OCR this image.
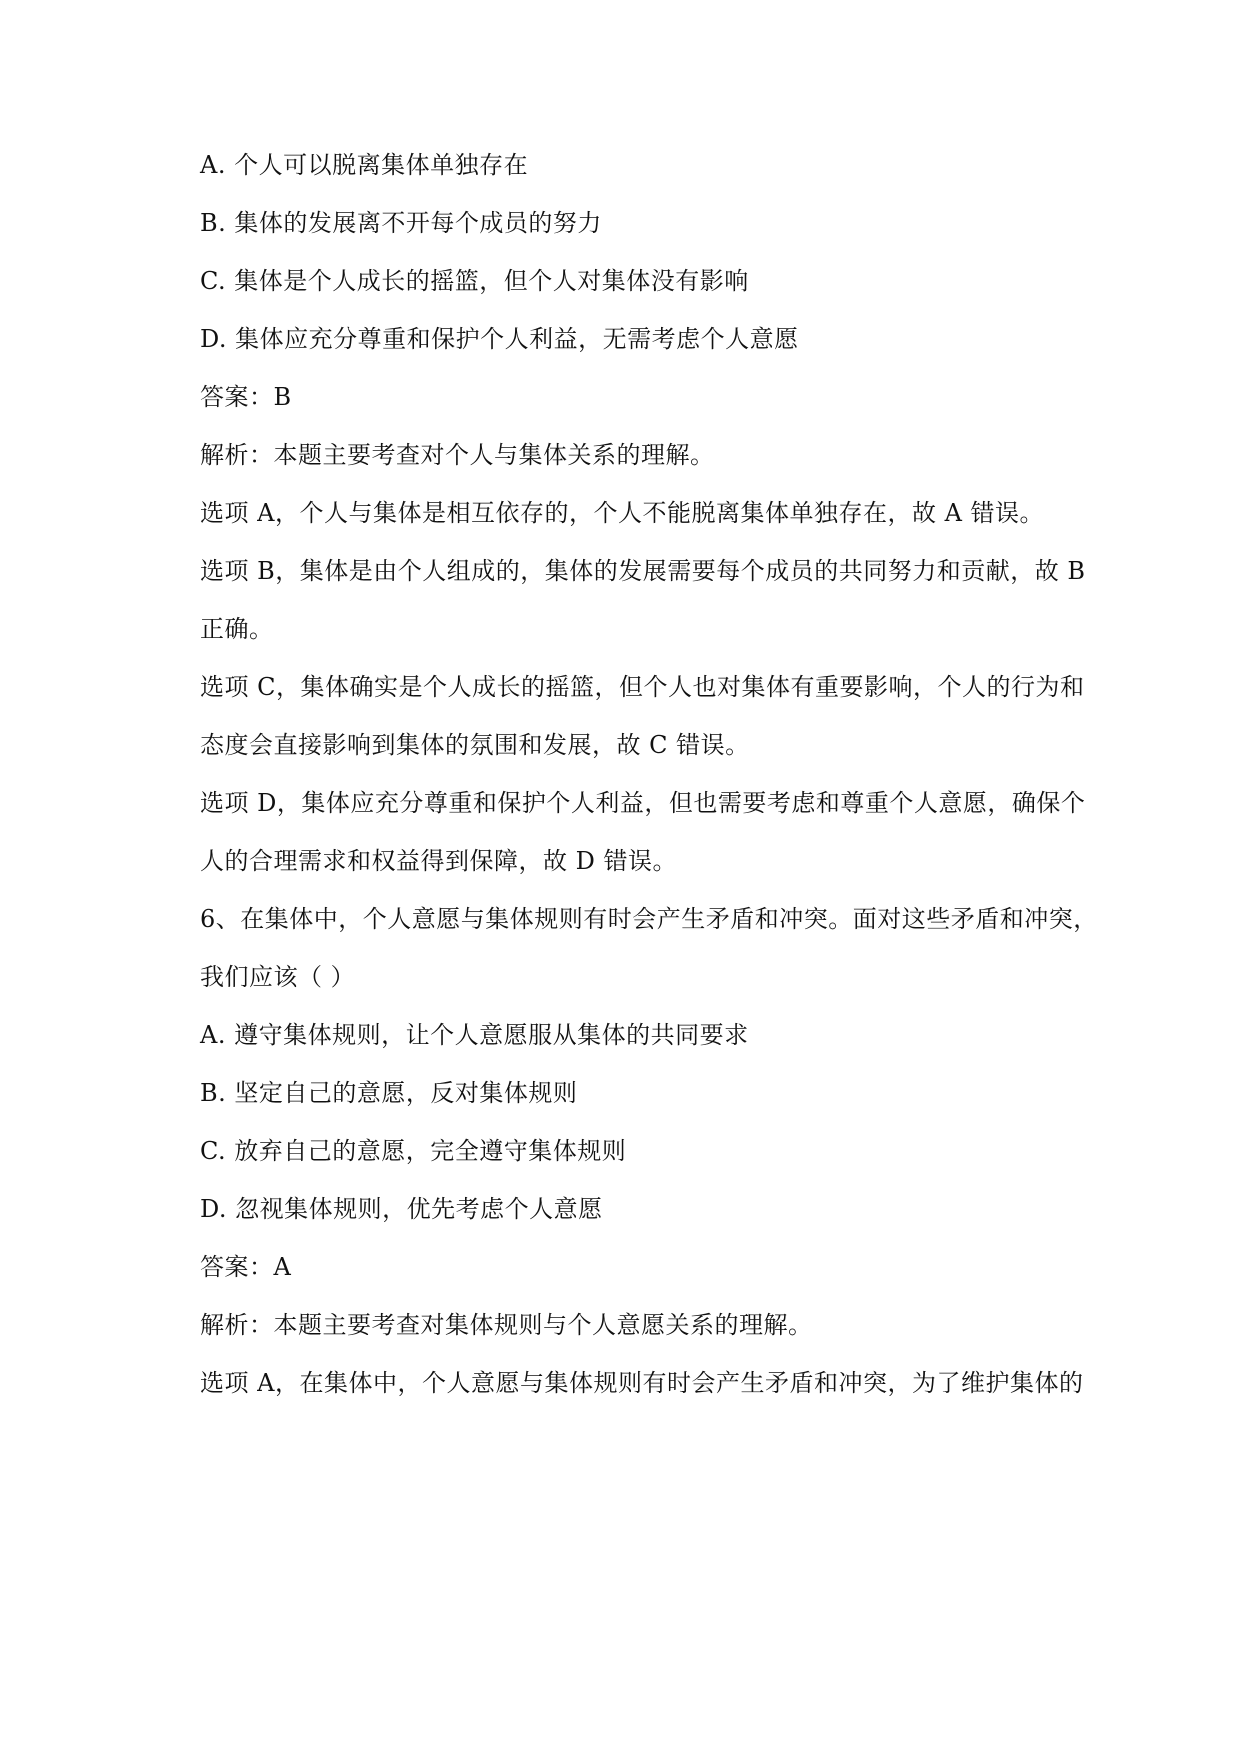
A. 个人可以脱离集体单独存在
B. 集体的发展离不开每个成员的努力
C. 集体是个人成长的摇篮，但个人对集体没有影响
D. 集体应充分尊重和保护个人利益，无需考虑个人意愿
答案：B
解析：本题主要考查对个人与集体关系的理解。
选项 A，个人与集体是相互依存的，个人不能脱离集体单独存在，故 A 错误。
选项 B，集体是由个人组成的，集体的发展需要每个成员的共同努力和贡献，故 B
正确。
选项 C，集体确实是个人成长的摇篮，但个人也对集体有重要影响，个人的行为和
态度会直接影响到集体的氛围和发展，故 C 错误。
选项 D，集体应充分尊重和保护个人利益，但也需要考虑和尊重个人意愿，确保个
人的合理需求和权益得到保障，故 D 错误。
6、在集体中，个人意愿与集体规则有时会产生矛盾和冲突。面对这些矛盾和冲突，
我们应该（ ）
A. 遵守集体规则，让个人意愿服从集体的共同要求
B. 坚定自己的意愿，反对集体规则
C. 放弃自己的意愿，完全遵守集体规则
D. 忽视集体规则，优先考虑个人意愿
答案：A
解析：本题主要考查对集体规则与个人意愿关系的理解。
选项 A，在集体中，个人意愿与集体规则有时会产生矛盾和冲突，为了维护集体的
